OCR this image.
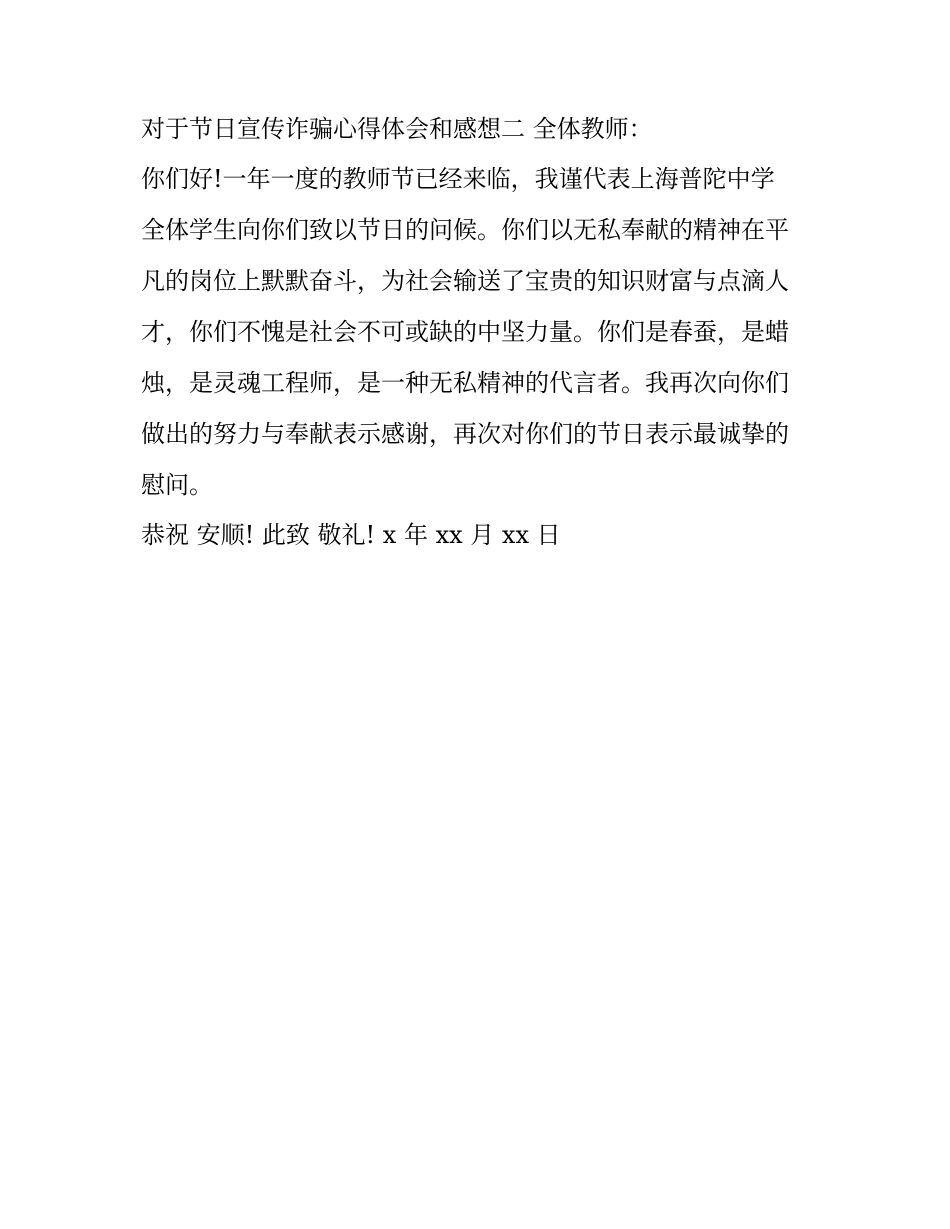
对于节日宣传诈骗心得体会和感想二 全体教师：
你们好!一年一度的教师节已经来临，我谨代表上海普陀中学
全体学生向你们致以节日的问候。你们以无私奉献的精神在平
凡的岗位上默默奋斗，为社会输送了宝贵的知识财富与点滴人
才，你们不愧是社会不可或缺的中坚力量。你们是春蚕，是蜡
烛，是灵魂工程师，是一种无私精神的代言者。我再次向你们
做出的努力与奉献表示感谢，再次对你们的节日表示最诚挚的
慰问。
恭祝 安顺! 此致 敬礼! x 年 xx 月 xx 日
